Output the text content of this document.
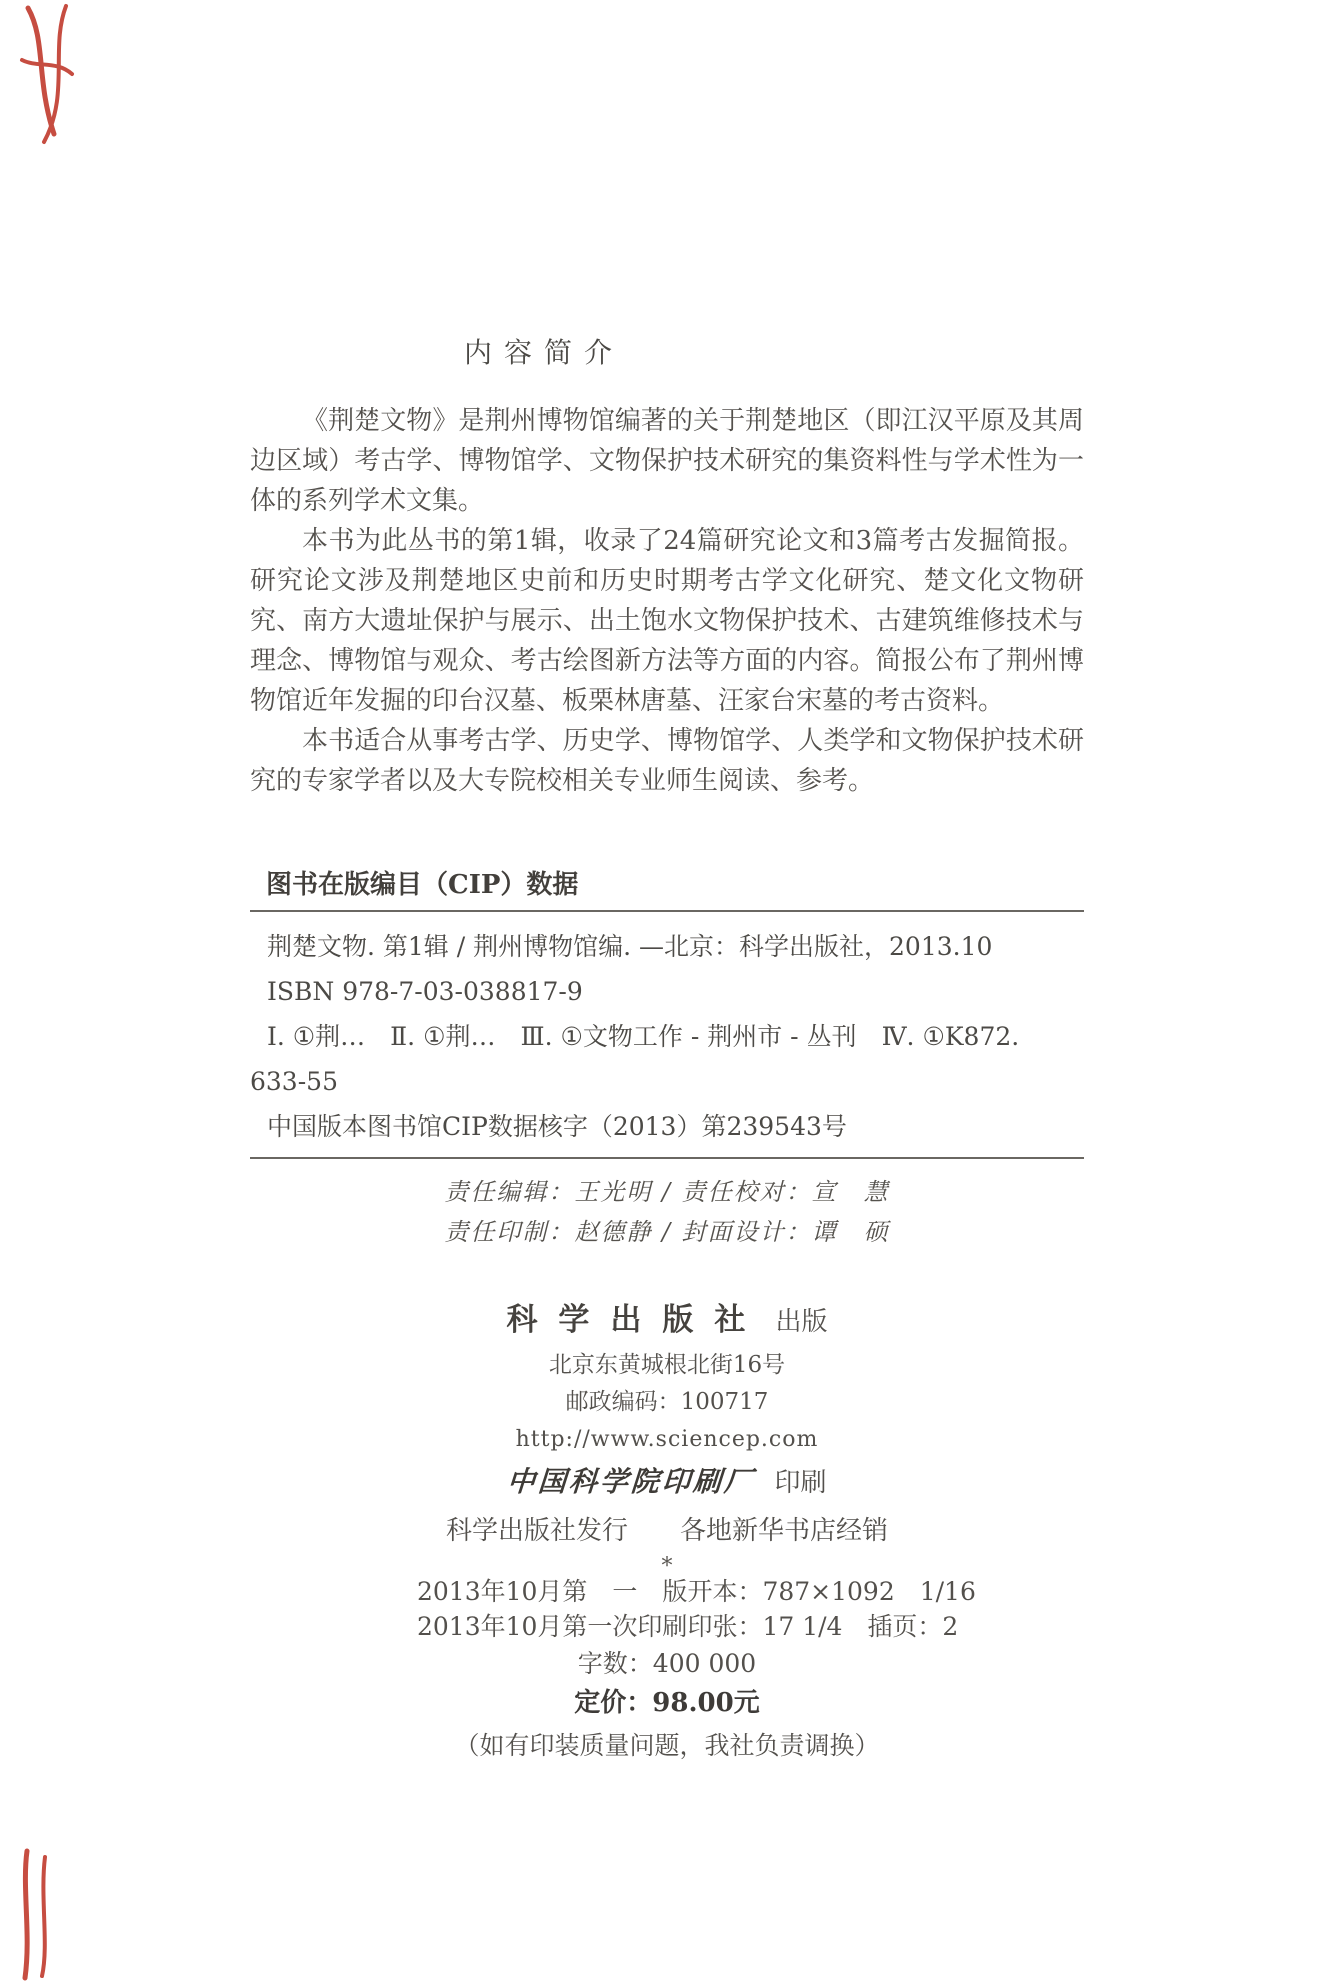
内容简介

《荆楚文物》是荆州博物馆编著的关于荆楚地区（即江汉平原及其周边区域）考古学、博物馆学、文物保护技术研究的集资料性与学术性为一体的系列学术文集。

本书为此丛书的第1辑，收录了24篇研究论文和3篇考古发掘简报。研究论文涉及荆楚地区史前和历史时期考古学文化研究、楚文化文物研究、南方大遗址保护与展示、出土饱水文物保护技术、古建筑维修技术与理念、博物馆与观众、考古绘图新方法等方面的内容。简报公布了荆州博物馆近年发掘的印台汉墓、板栗林唐墓、汪家台宋墓的考古资料。

本书适合从事考古学、历史学、博物馆学、人类学和文物保护技术研究的专家学者以及大专院校相关专业师生阅读、参考。

图书在版编目（CIP）数据
荆楚文物. 第1辑 / 荆州博物馆编. —北京：科学出版社，2013.10
ISBN 978-7-03-038817-9
Ⅰ. ①荆…　Ⅱ. ①荆…　Ⅲ. ①文物工作 - 荆州市 - 丛刊　Ⅳ. ①K872.
633-55
中国版本图书馆CIP数据核字（2013）第239543号
责任编辑：王光明 / 责任校对：宣　慧
责任印制：赵德静 / 封面设计：谭　硕
科学出版社 出版
北京东黄城根北街16号
邮政编码：100717
http://www.sciencep.com
中国科学院印刷厂 印刷
科学出版社发行　　各地新华书店经销
*
2013年10月第　一　版 开本：787×1092　1/16
2013年10月第一次印刷 印张：17 1/4　插页：2
字数：400 000
定价：98.00元
（如有印装质量问题，我社负责调换）
